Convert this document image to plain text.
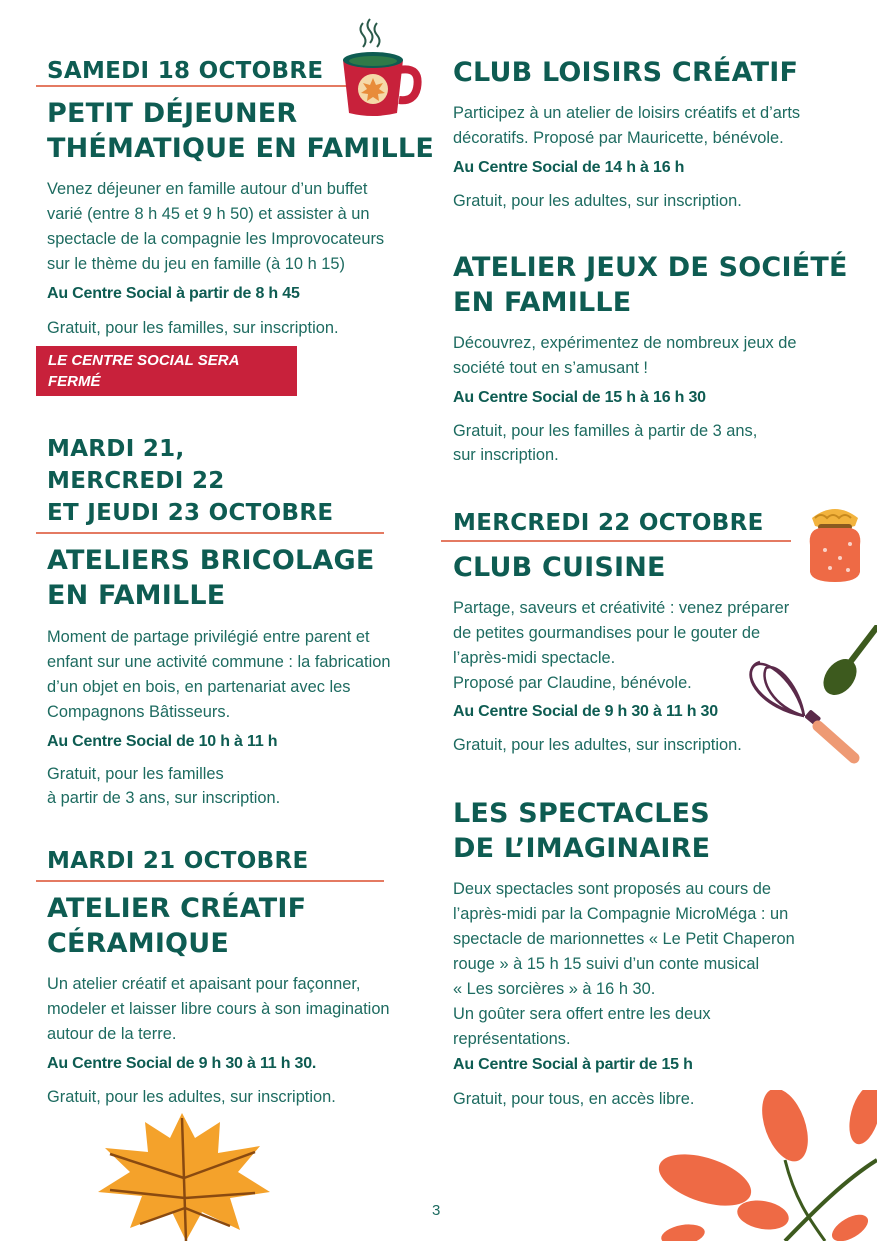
SAMEDI 18 OCTOBRE

PETIT DÉJEUNER

THÉMATIQUE EN FAMILLE

Venez déjeuner en famille autour d’un buffet
varié (entre 8 h 45 et 9 h 50) et assister à un
spectacle de la compagnie les Improvocateurs
sur le thème du jeu en famille (à 10 h 15)

Au Centre Social à partir de 8 h 45

Gratuit, pour les familles, sur inscription.

LE CENTRE SOCIAL SERA FERMÉ
LE LUNDI 20 OCTOBRE

MARDI 21,

MERCREDI 22

ET JEUDI 23 OCTOBRE

ATELIERS BRICOLAGE

EN FAMILLE

Moment de partage privilégié entre parent et
enfant sur une activité commune : la fabrication
d’un objet en bois, en partenariat avec les
Compagnons Bâtisseurs.

Au Centre Social de 10 h à 11 h

Gratuit, pour les familles
à partir de 3 ans, sur inscription.

MARDI 21 OCTOBRE

ATELIER CRÉATIF

CÉRAMIQUE

Un atelier créatif et apaisant pour façonner,
modeler et laisser libre cours à son imagination
autour de la terre.

Au Centre Social de 9 h 30 à 11 h 30.

Gratuit, pour les adultes, sur inscription.

CLUB LOISIRS CRÉATIF

Participez à un atelier de loisirs créatifs et d’arts
décoratifs. Proposé par Mauricette, bénévole.

Au Centre Social de 14 h à 16 h

Gratuit, pour les adultes, sur inscription.

ATELIER JEUX DE SOCIÉTÉ

EN FAMILLE

Découvrez, expérimentez de nombreux jeux de
société tout en s’amusant !

Au Centre Social de 15 h à 16 h 30

Gratuit, pour les familles à partir de 3 ans,
sur inscription.

MERCREDI 22 OCTOBRE

CLUB CUISINE

Partage, saveurs et créativité : venez préparer
de petites gourmandises pour le gouter de
l’après-midi spectacle.
Proposé par Claudine, bénévole.

Au Centre Social de 9 h 30 à 11 h 30

Gratuit, pour les adultes, sur inscription.

LES SPECTACLES

DE L’IMAGINAIRE

Deux spectacles sont proposés au cours de
l’après-midi par la Compagnie MicroMéga : un
spectacle de marionnettes « Le Petit Chaperon
rouge » à 15 h 15 suivi d’un conte musical
« Les sorcières » à 16 h 30.
Un goûter sera offert entre les deux
représentations.

Au Centre Social à partir de 15 h

Gratuit, pour tous, en accès libre.

3
